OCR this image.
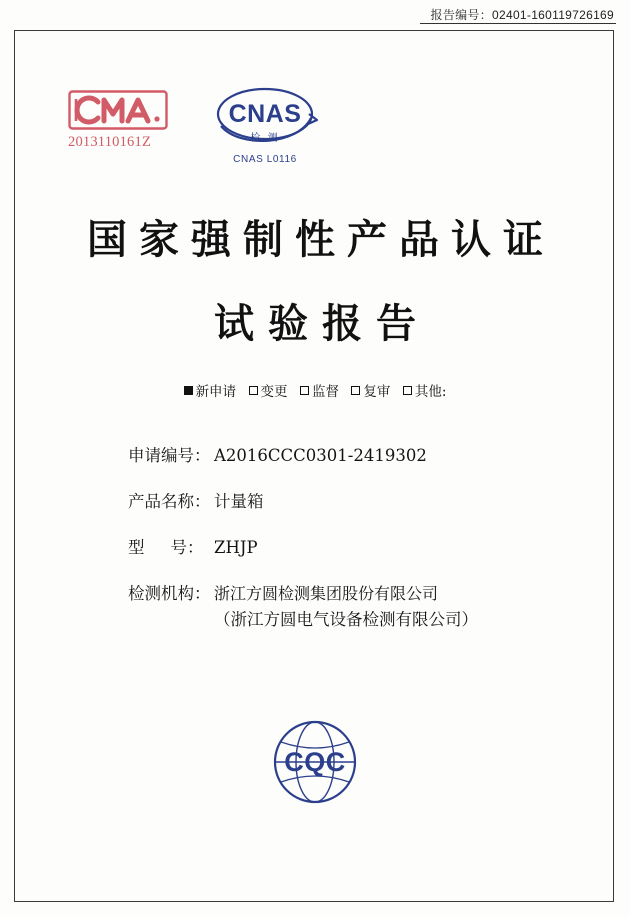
报告编号：02401-160119726169
2013110161Z
CNAS
检 测
CNAS L0116
国家强制性产品认证
试验报告
新申请 变更 监督 复审 其他:
申请编号： A2016CCC0301-2419302
产品名称： 计量箱
型 号： ZHJP
检测机构： 浙江方圆检测集团股份有限公司
（浙江方圆电气设备检测有限公司）
CQC
